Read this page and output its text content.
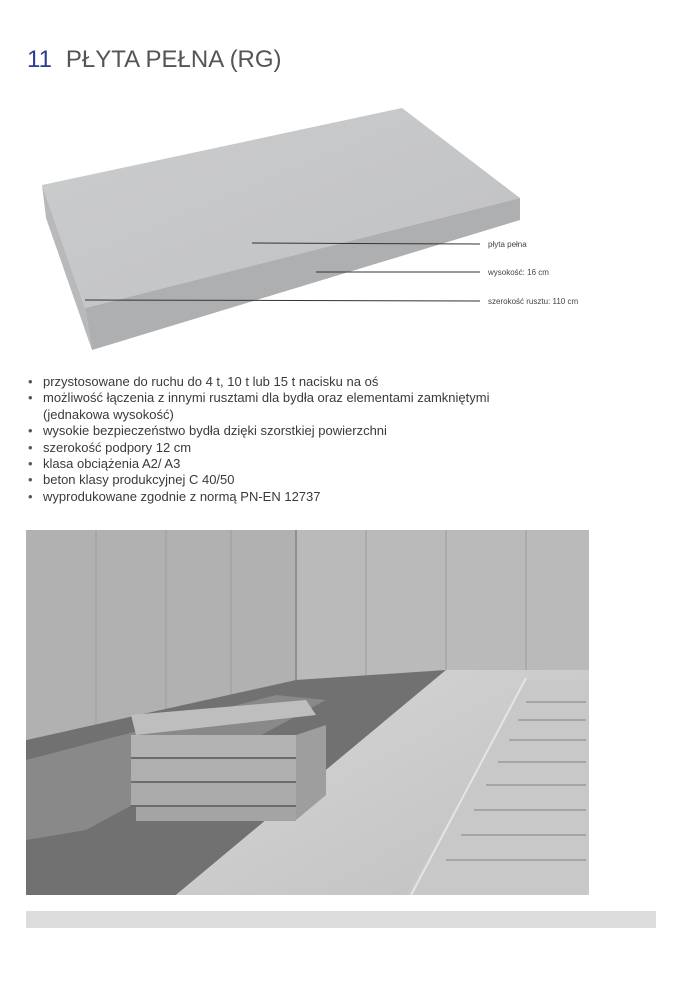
11 PŁYTA PEŁNA (RG)
płyta pełna
wysokość: 16 cm
szerokość rusztu: 110 cm
• przystosowane do ruchu do 4 t, 10 t lub 15 t nacisku na oś
• możliwość łączenia z innymi rusztami dla bydła oraz elementami zamkniętymi
(jednakowa wysokość)
• wysokie bezpieczeństwo bydła dzięki szorstkiej powierzchni
• szerokość podpory 12 cm
• klasa obciążenia A2/ A3
• beton klasy produkcyjnej C 40/50
• wyprodukowane zgodnie z normą PN-EN 12737
